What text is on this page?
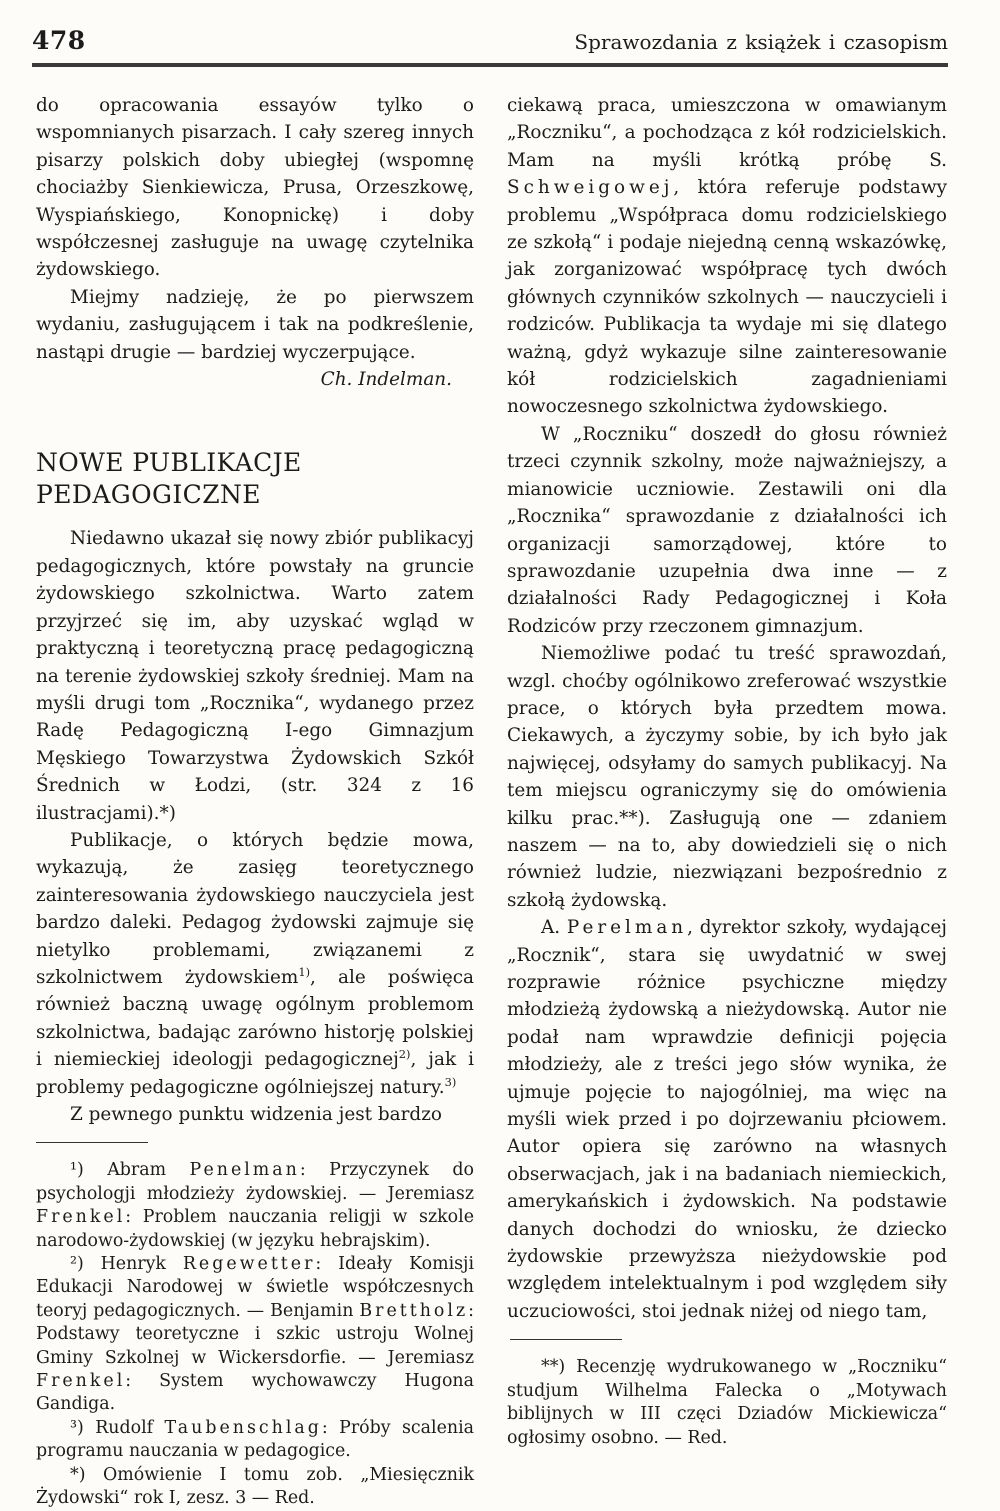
478	Sprawozdania z książek i czasopism

do opracowania essayów tylko o wspomnianych pisarzach. I cały szereg innych pisarzy polskich doby ubiegłej (wspomnę chociażby Sienkiewicza, Prusa, Orzeszkowę, Wyspiańskiego, Konopnickę) i doby współczesnej zasługuje na uwagę czytelnika żydowskiego.

Miejmy nadzieję, że po pierwszem wydaniu, zasługującem i tak na podkreślenie, nastąpi drugie — bardziej wyczerpujące.

Ch. Indelman.

NOWE PUBLIKACJE
PEDAGOGICZNE

Niedawno ukazał się nowy zbiór publikacyj pedagogicznych, które powstały na gruncie żydowskiego szkolnictwa. Warto zatem przyjrzeć się im, aby uzyskać wgląd w praktyczną i teoretyczną pracę pedagogiczną na terenie żydowskiej szkoły średniej. Mam na myśli drugi tom „Rocznika“, wydanego przez Radę Pedagogiczną I-ego Gimnazjum Męskiego Towarzystwa Żydowskich Szkół Średnich w Łodzi, (str. 324 z 16 ilustracjami).*)

Publikacje, o których będzie mowa, wykazują, że zasięg teoretycznego zainteresowania żydowskiego nauczyciela jest bardzo daleki. Pedagog żydowski zajmuje się nietylko problemami, związanemi z szkolnictwem żydowskiem$^{1)}$, ale poświęca również baczną uwagę ogólnym problemom szkolnictwa, badając zarówno historję polskiej i niemieckiej ideologji pedagogicznej$^{2)}$, jak i problemy pedagogiczne ogólniejszej natury.$^{3)}$

Z pewnego punktu widzenia jest bardzo

¹) Abram Penelman: Przyczynek do psychologji młodzieży żydowskiej. — Jeremiasz Frenkel: Problem nauczania religji w szkole narodowo-żydowskiej (w języku hebrajskim).

²) Henryk Regewetter: Ideały Komisji Edukacji Narodowej w świetle współczesnych teoryj pedagogicznych. — Benjamin Brettholz: Podstawy teoretyczne i szkic ustroju Wolnej Gminy Szkolnej w Wickersdorfie. — Jeremiasz Frenkel: System wychowawczy Hugona Gandiga.

³) Rudolf Taubenschlag: Próby scalenia programu nauczania w pedagogice.

*) Omówienie I tomu zob. „Miesięcznik Żydowski“ rok I, zesz. 3 — Red.

ciekawą praca, umieszczona w omawianym „Roczniku“, a pochodząca z kół rodzicielskich. Mam na myśli krótką próbę S. Schweigowej, która referuje podstawy problemu „Współpraca domu rodzicielskiego ze szkołą“ i podaje niejedną cenną wskazówkę, jak zorganizować współpracę tych dwóch głównych czynników szkolnych — nauczycieli i rodziców. Publikacja ta wydaje mi się dlatego ważną, gdyż wykazuje silne zainteresowanie kół rodzicielskich zagadnieniami nowoczesnego szkolnictwa żydowskiego.

W „Roczniku“ doszedł do głosu również trzeci czynnik szkolny, może najważniejszy, a mianowicie uczniowie. Zestawili oni dla „Rocznika“ sprawozdanie z działalności ich organizacji samorządowej, które to sprawozdanie uzupełnia dwa inne — z działalności Rady Pedagogicznej i Koła Rodziców przy rzeczonem gimnazjum.

Niemożliwe podać tu treść sprawozdań, wzgl. choćby ogólnikowo zreferować wszystkie prace, o których była przedtem mowa. Ciekawych, a życzymy sobie, by ich było jak najwięcej, odsyłamy do samych publikacyj. Na tem miejscu ograniczymy się do omówienia kilku prac.**). Zasługują one — zdaniem naszem — na to, aby dowiedzieli się o nich również ludzie, niezwiązani bezpośrednio z szkołą żydowską.

A. Perelman, dyrektor szkoły, wydającej „Rocznik“, stara się uwydatnić w swej rozprawie różnice psychiczne między młodzieżą żydowską a nieżydowską. Autor nie podał nam wprawdzie definicji pojęcia młodzieży, ale z treści jego słów wynika, że ujmuje pojęcie to najogólniej, ma więc na myśli wiek przed i po dojrzewaniu płciowem. Autor opiera się zarówno na własnych obserwacjach, jak i na badaniach niemieckich, amerykańskich i żydowskich. Na podstawie danych dochodzi do wniosku, że dziecko żydowskie przewyższa nieżydowskie pod względem intelektualnym i pod względem siły uczuciowości, stoi jednak niżej od niego tam,

**) Recenzję wydrukowanego w „Roczniku“ studjum Wilhelma Falecka o „Motywach biblijnych w III częci Dziadów Mickiewicza“ ogłosimy osobno. — Red.
